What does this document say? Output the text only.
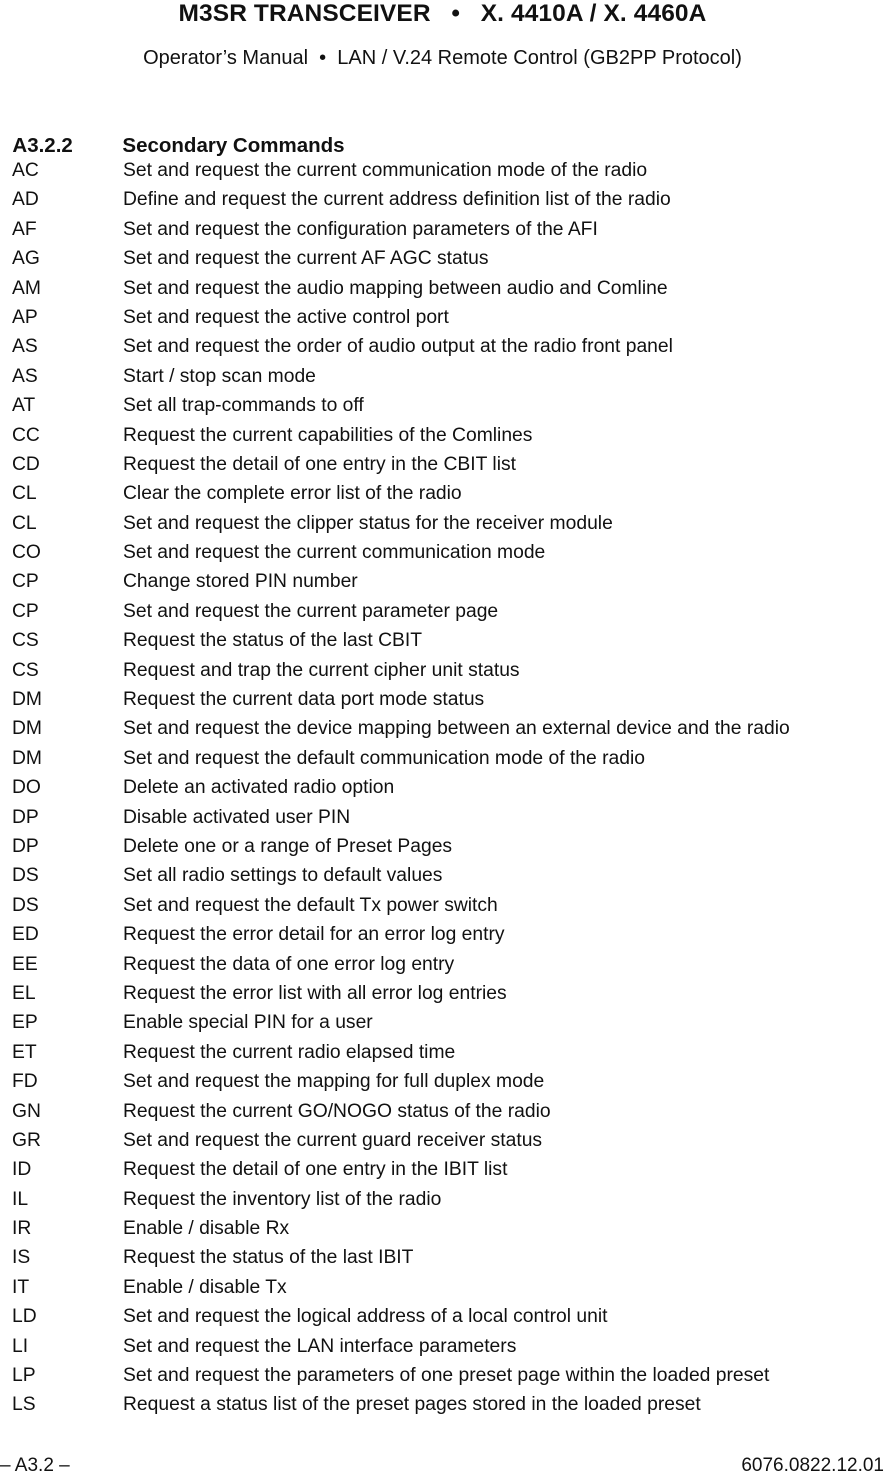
M3SR TRANSCEIVER   •   X. 4410A / X. 4460A
Operator’s Manual  •  LAN / V.24 Remote Control (GB2PP Protocol)

A3.2.2 Secondary Commands

AC	Set and request the current communication mode of the radio
AD	Define and request the current address definition list of the radio
AF	Set and request the configuration parameters of the AFI
AG	Set and request the current AF AGC status
AM	Set and request the audio mapping between audio and Comline
AP	Set and request the active control port
AS	Set and request the order of audio output at the radio front panel
AS	Start / stop scan mode
AT	Set all trap-commands to off
CC	Request the current capabilities of the Comlines
CD	Request the detail of one entry in the CBIT list
CL	Clear the complete error list of the radio
CL	Set and request the clipper status for the receiver module
CO	Set and request the current communication mode
CP	Change stored PIN number
CP	Set and request the current parameter page
CS	Request the status of the last CBIT
CS	Request and trap the current cipher unit status
DM	Request the current data port mode status
DM	Set and request the device mapping between an external device and the radio
DM	Set and request the default communication mode of the radio
DO	Delete an activated radio option
DP	Disable activated user PIN
DP	Delete one or a range of Preset Pages
DS	Set all radio settings to default values
DS	Set and request the default Tx power switch
ED	Request the error detail for an error log entry
EE	Request the data of one error log entry
EL	Request the error list with all error log entries
EP	Enable special PIN for a user
ET	Request the current radio elapsed time
FD	Set and request the mapping for full duplex mode
GN	Request the current GO/NOGO status of the radio
GR	Set and request the current guard receiver status
ID	Request the detail of one entry in the IBIT list
IL	Request the inventory list of the radio
IR	Enable / disable Rx
IS	Request the status of the last IBIT
IT	Enable / disable Tx
LD	Set and request the logical address of a local control unit
LI	Set and request the LAN interface parameters
LP	Set and request the parameters of one preset page within the loaded preset
LS	Request a status list of the preset pages stored in the loaded preset
– A3.2 –	6076.0822.12.01
